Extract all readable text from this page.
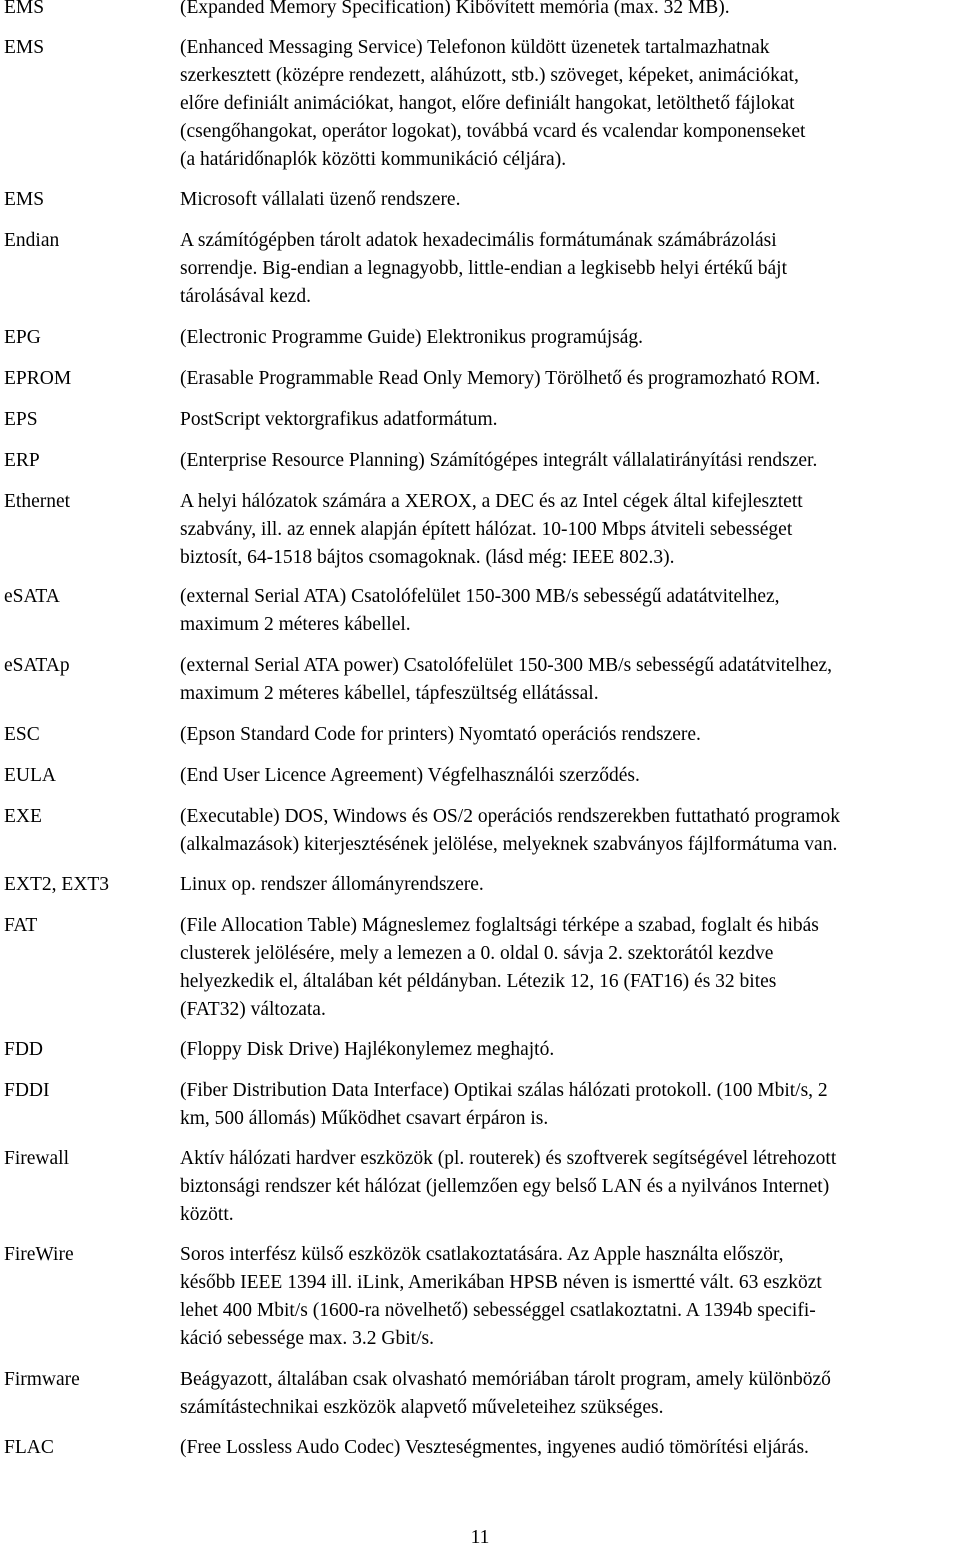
EMS	(Expanded Memory Specification) Kibővített memória (max. 32 MB).
EMS	(Enhanced Messaging Service) Telefonon küldött üzenetek tartalmazhatnak
szerkesztett (középre rendezett, aláhúzott, stb.) szöveget, képeket, animációkat,
előre definiált animációkat, hangot, előre definiált hangokat, letölthető fájlokat
(csengőhangokat, operátor logokat), továbbá vcard és vcalendar komponenseket
(a határidőnaplók közötti kommunikáció céljára).
EMS	Microsoft vállalati üzenő rendszere.
Endian	A számítógépben tárolt adatok hexadecimális formátumának számábrázolási
sorrendje. Big-endian a legnagyobb, little-endian a legkisebb helyi értékű bájt
tárolásával kezd.
EPG	(Electronic Programme Guide) Elektronikus programújság.
EPROM	(Erasable Programmable Read Only Memory) Törölhető és programozható ROM.
EPS	PostScript vektorgrafikus adatformátum.
ERP	(Enterprise Resource Planning) Számítógépes integrált vállalatirányítási rendszer.
Ethernet	A helyi hálózatok számára a XEROX, a DEC és az Intel cégek által kifejlesztett
szabvány, ill. az ennek alapján épített hálózat. 10-100 Mbps átviteli sebességet
biztosít, 64-1518 bájtos csomagoknak. (lásd még: IEEE 802.3).
eSATA	(external Serial ATA) Csatolófelület 150-300 MB/s sebességű adatátvitelhez,
maximum 2 méteres kábellel.
eSATAp	(external Serial ATA power) Csatolófelület 150-300 MB/s sebességű adatátvitelhez,
maximum 2 méteres kábellel, tápfeszültség ellátással.
ESC	(Epson Standard Code for printers) Nyomtató operációs rendszere.
EULA	(End User Licence Agreement) Végfelhasználói szerződés.
EXE	(Executable) DOS, Windows és OS/2 operációs rendszerekben futtatható programok
(alkalmazások) kiterjesztésének jelölése, melyeknek szabványos fájlformátuma van.
EXT2, EXT3	Linux op. rendszer állományrendszere.
FAT	(File Allocation Table) Mágneslemez foglaltsági térképe a szabad, foglalt és hibás
clusterek jelölésére, mely a lemezen a 0. oldal 0. sávja 2. szektorától kezdve
helyezkedik el, általában két példányban. Létezik 12, 16 (FAT16) és 32 bites
(FAT32) változata.
FDD	(Floppy Disk Drive) Hajlékonylemez meghajtó.
FDDI	(Fiber Distribution Data Interface) Optikai szálas hálózati protokoll. (100 Mbit/s, 2
km, 500 állomás) Működhet csavart érpáron is.
Firewall	Aktív hálózati hardver eszközök (pl. routerek) és szoftverek segítségével létrehozott
biztonsági rendszer két hálózat (jellemzően egy belső LAN és a nyilvános Internet)
között.
FireWire	Soros interfész külső eszközök csatlakoztatására. Az Apple használta először,
később IEEE 1394 ill. iLink, Amerikában HPSB néven is ismertté vált. 63 eszközt
lehet 400 Mbit/s (1600-ra növelhető) sebességgel csatlakoztatni. A 1394b specifi-
káció sebessége max. 3.2 Gbit/s.
Firmware	Beágyazott, általában csak olvasható memóriában tárolt program, amely különböző
számítástechnikai eszközök alapvető műveleteihez szükséges.
FLAC	(Free Lossless Audo Codec) Veszteségmentes, ingyenes audió tömörítési eljárás.
11
